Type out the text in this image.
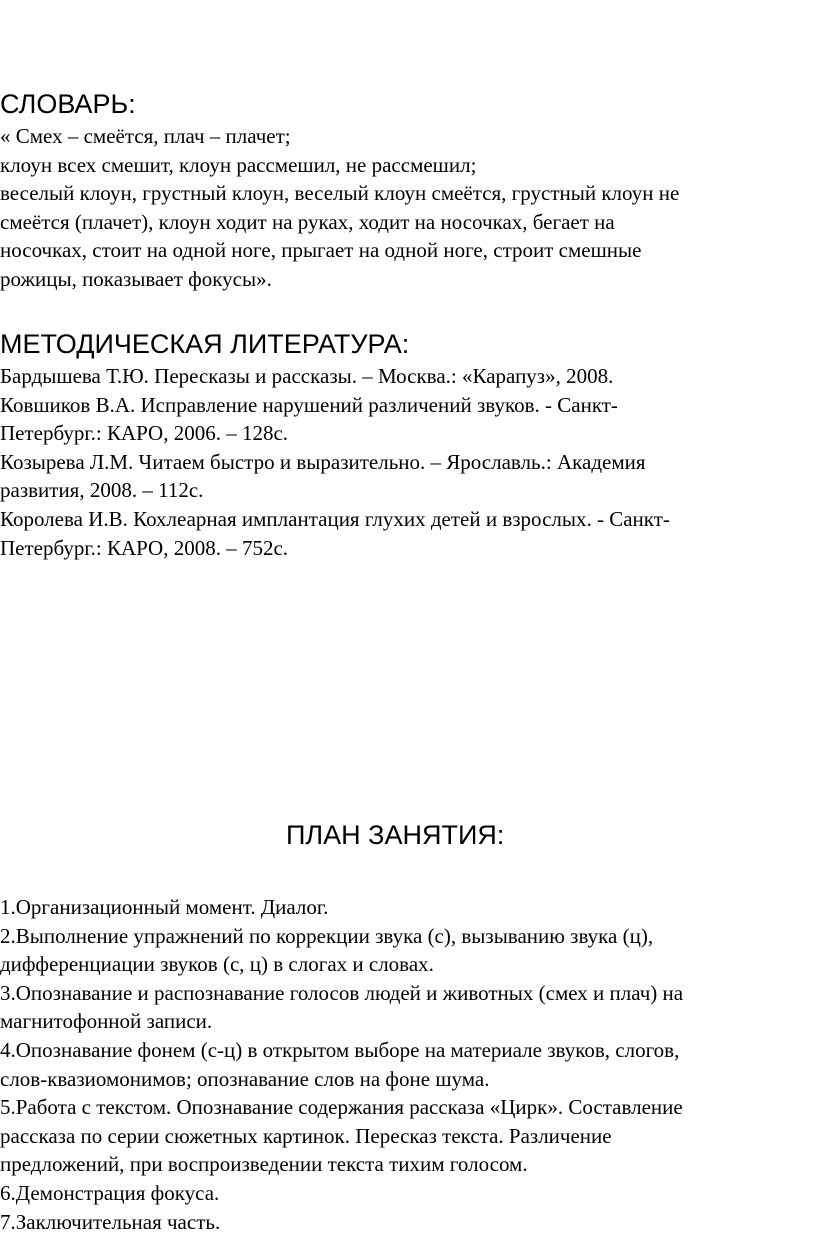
СЛОВАРЬ:
« Смех – смеётся, плач – плачет;
клоун всех смешит, клоун рассмешил, не рассмешил;
веселый клоун, грустный клоун, веселый клоун смеётся, грустный клоун не
смеётся (плачет), клоун ходит на руках, ходит на носочках, бегает на
носочках, стоит на одной ноге, прыгает на одной ноге, строит смешные
рожицы, показывает фокусы».
МЕТОДИЧЕСКАЯ ЛИТЕРАТУРА:
Бардышева Т.Ю. Пересказы и рассказы. – Москва.: «Карапуз», 2008.
Ковшиков В.А. Исправление нарушений различений звуков. - Санкт-
Петербург.: КАРО, 2006. – 128с.
Козырева Л.М. Читаем быстро и выразительно. – Ярославль.: Академия
развития, 2008. – 112с.
Королева И.В. Кохлеарная имплантация глухих детей и взрослых. - Санкт-
Петербург.: КАРО, 2008. – 752с.
ПЛАН ЗАНЯТИЯ:
1.Организационный момент. Диалог.
2.Выполнение упражнений по коррекции звука (с), вызыванию звука (ц),
дифференциации звуков (с, ц) в слогах и словах.
3.Опознавание и распознавание голосов людей и животных (смех и плач) на
магнитофонной записи.
4.Опознавание фонем (с-ц) в открытом выборе на материале звуков, слогов,
слов-квазиомонимов; опознавание слов на фоне шума.
5.Работа с текстом. Опознавание содержания рассказа «Цирк». Составление
рассказа по серии сюжетных картинок. Пересказ текста. Различение
предложений, при воспроизведении текста тихим голосом.
6.Демонстрация фокуса.
7.Заключительная часть.
